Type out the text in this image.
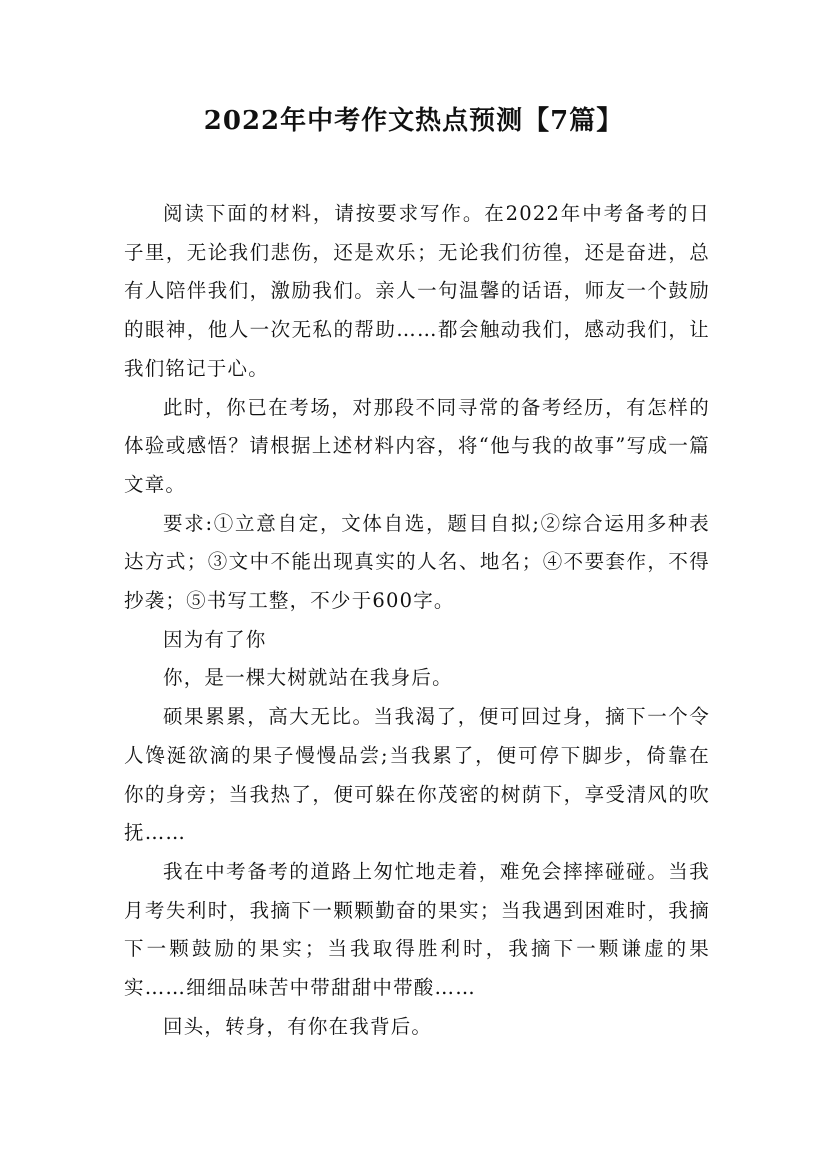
2022年中考作文热点预测【7篇】

阅读下面的材料，请按要求写作。在2022年中考备考的日子里，无论我们悲伤，还是欢乐；无论我们彷徨，还是奋进，总有人陪伴我们，激励我们。亲人一句温馨的话语，师友一个鼓励的眼神，他人一次无私的帮助……都会触动我们，感动我们，让我们铭记于心。

此时，你已在考场，对那段不同寻常的备考经历，有怎样的体验或感悟？请根据上述材料内容，将“他与我的故事”写成一篇文章。

要求:①立意自定，文体自选，题目自拟;②综合运用多种表达方式；③文中不能出现真实的人名、地名；④不要套作，不得抄袭；⑤书写工整，不少于600字。

因为有了你

你，是一棵大树就站在我身后。

硕果累累，高大无比。当我渴了，便可回过身，摘下一个令人馋涎欲滴的果子慢慢品尝;当我累了，便可停下脚步，倚靠在你的身旁；当我热了，便可躲在你茂密的树荫下，享受清风的吹抚……

我在中考备考的道路上匆忙地走着，难免会摔摔碰碰。当我月考失利时，我摘下一颗颗勤奋的果实；当我遇到困难时，我摘下一颗鼓励的果实；当我取得胜利时，我摘下一颗谦虚的果实……细细品味苦中带甜甜中带酸……

回头，转身，有你在我背后。
